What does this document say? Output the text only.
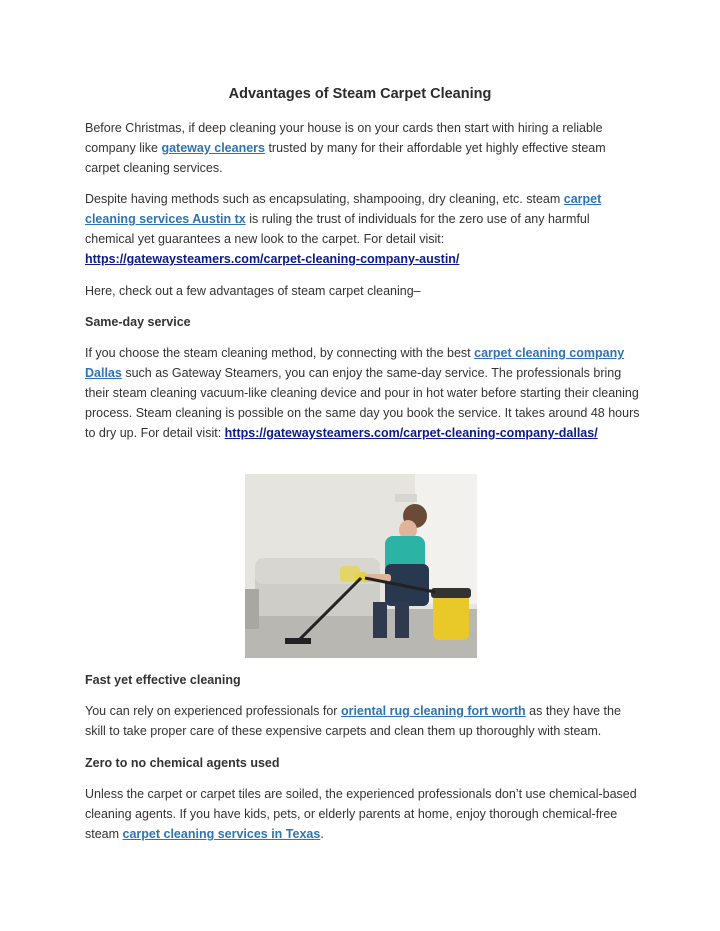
Advantages of Steam Carpet Cleaning
Before Christmas, if deep cleaning your house is on your cards then start with hiring a reliable company like gateway cleaners trusted by many for their affordable yet highly effective steam carpet cleaning services.
Despite having methods such as encapsulating, shampooing, dry cleaning, etc. steam carpet cleaning services Austin tx is ruling the trust of individuals for the zero use of any harmful chemical yet guarantees a new look to the carpet. For detail visit: https://gatewaysteamers.com/carpet-cleaning-company-austin/
Here, check out a few advantages of steam carpet cleaning–
Same-day service
If you choose the steam cleaning method, by connecting with the best carpet cleaning company Dallas such as Gateway Steamers, you can enjoy the same-day service. The professionals bring their steam cleaning vacuum-like cleaning device and pour in hot water before starting their cleaning process. Steam cleaning is possible on the same day you book the service. It takes around 48 hours to dry up. For detail visit: https://gatewaysteamers.com/carpet-cleaning-company-dallas/
Fast yet effective cleaning
You can rely on experienced professionals for oriental rug cleaning fort worth as they have the skill to take proper care of these expensive carpets and clean them up thoroughly with steam.
Zero to no chemical agents used
Unless the carpet or carpet tiles are soiled, the experienced professionals don’t use chemical-based cleaning agents. If you have kids, pets, or elderly parents at home, enjoy thorough chemical-free steam carpet cleaning services in Texas.
